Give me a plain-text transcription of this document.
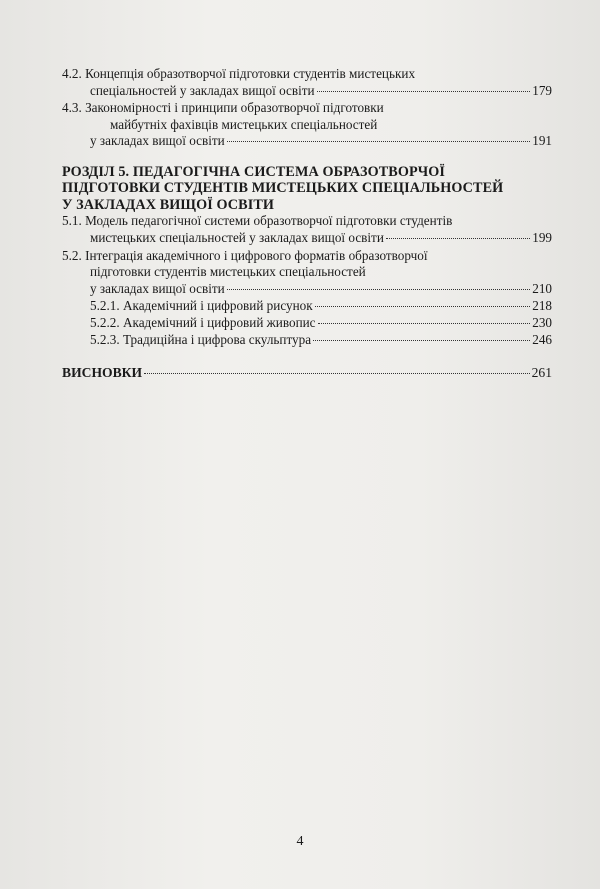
4.2. Концепція образотворчої підготовки студентів мистецьких
спеціальностей у закладах вищої освіти	179
4.3. Закономірності і принципи образотворчої підготовки
майбутніх фахівців мистецьких спеціальностей
у закладах вищої освіти	191
РОЗДІЛ 5. ПЕДАГОГІЧНА СИСТЕМА ОБРАЗОТВОРЧОЇ
ПІДГОТОВКИ СТУДЕНТІВ МИСТЕЦЬКИХ СПЕЦІАЛЬНОСТЕЙ
У ЗАКЛАДАХ ВИЩОЇ ОСВІТИ
5.1. Модель педагогічної системи образотворчої підготовки студентів
мистецьких спеціальностей у закладах вищої освіти	199
5.2. Інтеграція академічного і цифрового форматів образотворчої
підготовки студентів мистецьких спеціальностей
у закладах вищої освіти	210
5.2.1. Академічний і цифровий рисунок	218
5.2.2. Академічний і цифровий живопис	230
5.2.3. Традиційна і цифрова скульптура	246
ВИСНОВКИ	261
4
